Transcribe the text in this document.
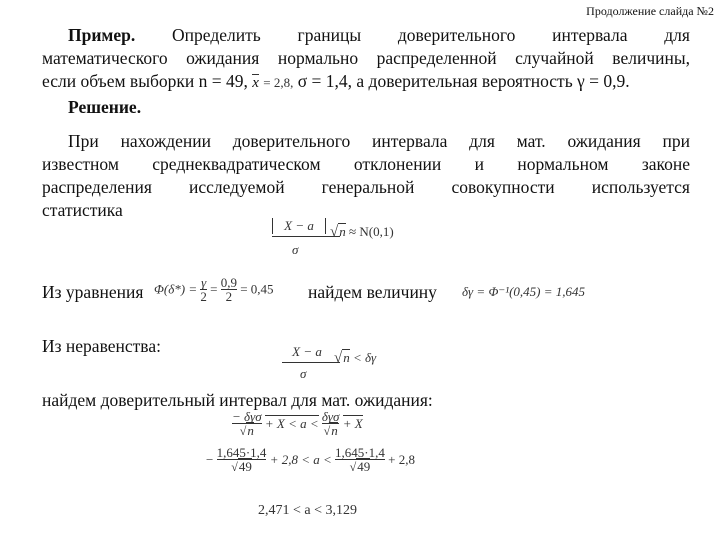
Продолжение слайда №2
Пример. Определить границы доверительного интервала для
математического ожидания нормально распределенной случайной величины,
если объем выборки n = 49, x = 2,8, σ = 1,4, а доверительная вероятность γ = 0,9.
Решение.
При нахождении доверительного интервала для мат. ожидания при
известном среднеквадратическом отклонении и нормальном законе
распределения исследуемой генеральной совокупности используется
статистика
X − a	√n ≈ N(0,1)
σ
Из уравнения $\Phi(\delta*) = \frac{\gamma}{2} = \frac{0,9}{2} = 0,45$ найдем величину δγ = Φ⁻¹(0,45) = 1,645
Из неравенства:	X − a √n < δγ
σ
найдем доверительный интервал для мат. ожидания:
$\frac{\text{− δγσ}}{√n} + X < a < \frac{\text{δγσ}}{√n} + X$
− $\frac{1,645\cdot 1,4}{√49} + 2,8 < a < \frac{1,645\cdot 1,4}{√49} + 2,8$
2,471 < a < 3,129
